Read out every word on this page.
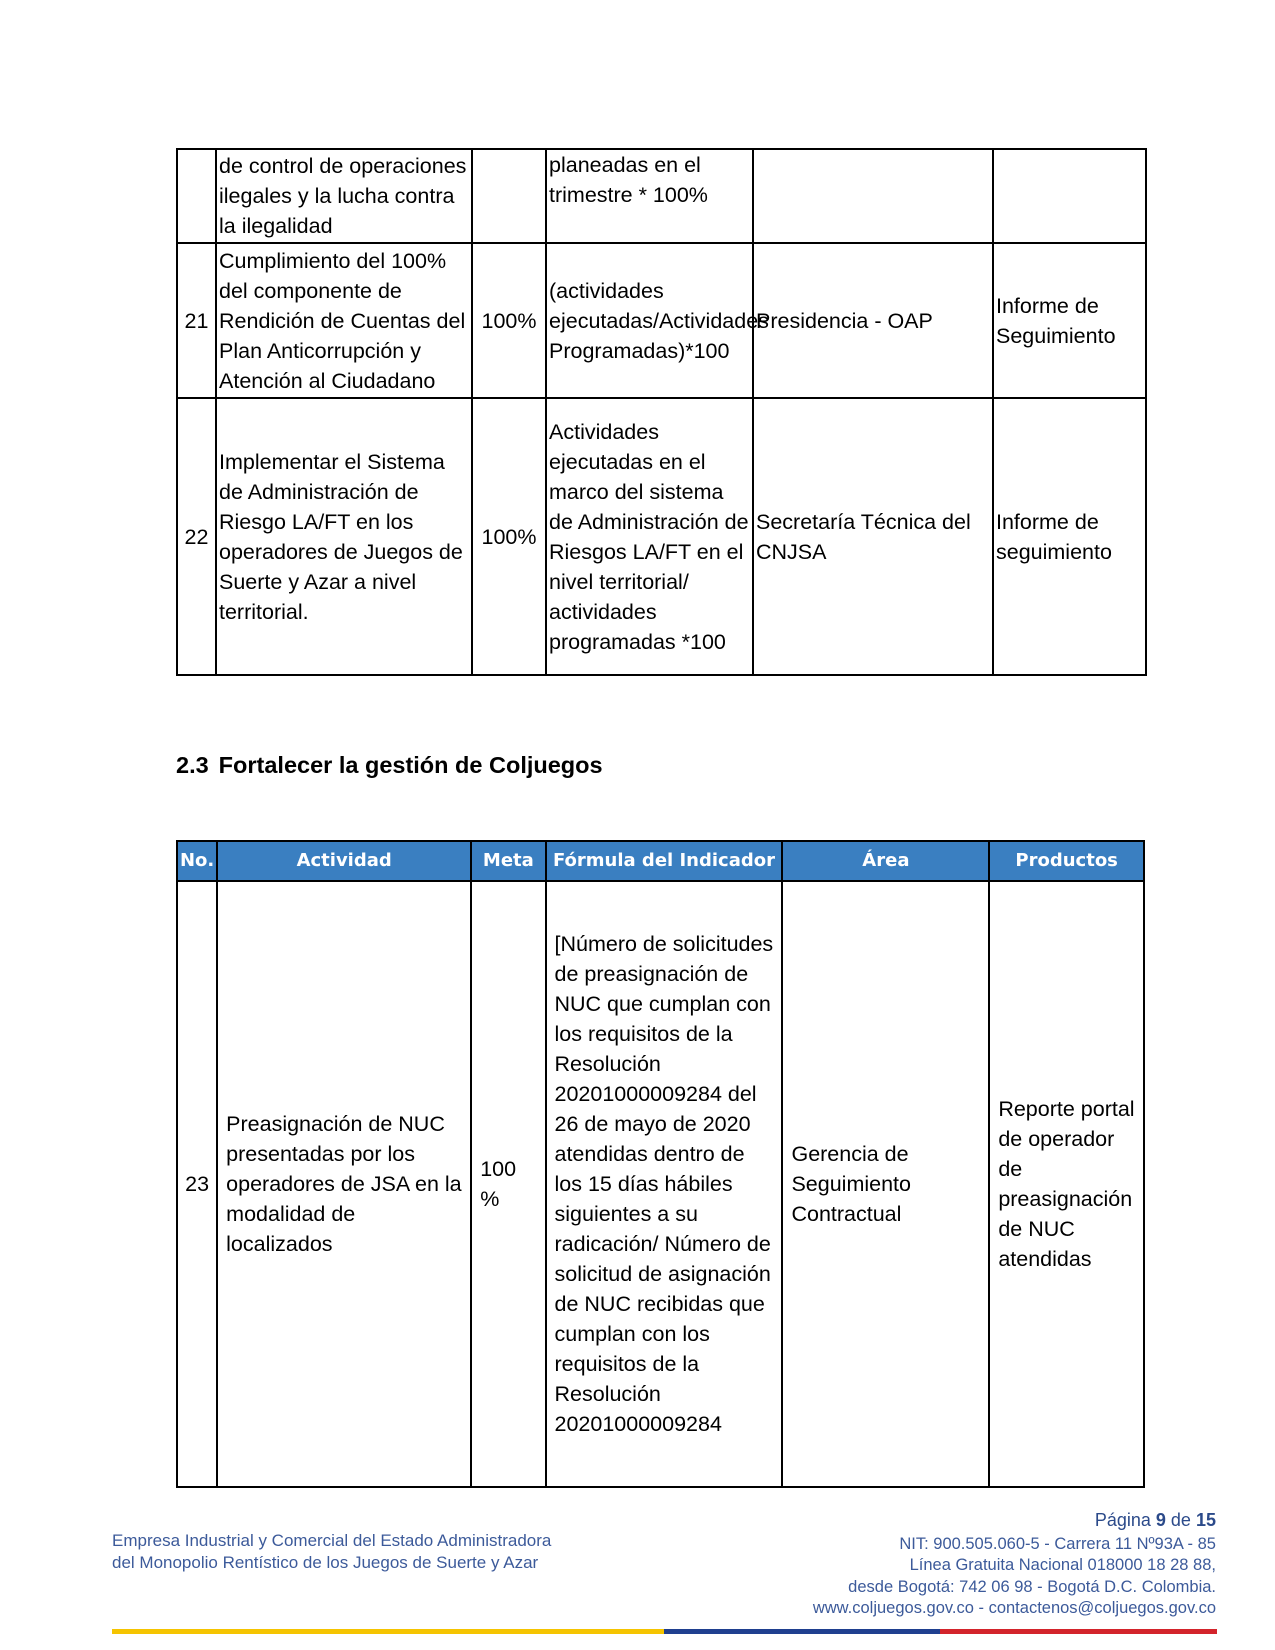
	de control de operaciones ilegales y la lucha contra la ilegalidad		planeadas en el trimestre * 100%		
21	Cumplimiento del 100% del componente de Rendición de Cuentas del Plan Anticorrupción y Atención al Ciudadano	100%	(actividades ejecutadas/Actividades Programadas)*100	Presidencia - OAP	Informe de Seguimiento
22	Implementar el Sistema de Administración de Riesgo LA/FT en los operadores de Juegos de Suerte y Azar a nivel territorial.	100%	Actividades ejecutadas en el marco del sistema de Administración de Riesgos LA/FT en el nivel territorial/ actividades programadas *100	Secretaría Técnica del CNJSA	Informe de seguimiento
2.3 Fortalecer la gestión de Coljuegos
No.	Actividad	Meta	Fórmula del Indicador	Área	Productos
23	Preasignación de NUC presentadas por los operadores de JSA en la modalidad de localizados	100 %	[Número de solicitudes de preasignación de NUC que cumplan con los requisitos de la Resolución 20201000009284 del 26 de mayo de 2020 atendidas dentro de los 15 días hábiles siguientes a su radicación/ Número de solicitud de asignación de NUC recibidas que cumplan con los requisitos de la Resolución 20201000009284	Gerencia de Seguimiento Contractual	Reporte portal de operador de preasignación de NUC atendidas
Empresa Industrial y Comercial del Estado Administradora
del Monopolio Rentístico de los Juegos de Suerte y Azar
Página 9 de 15
NIT: 900.505.060-5 - Carrera 11 Nº93A - 85
Línea Gratuita Nacional 018000 18 28 88,
desde Bogotá: 742 06 98 - Bogotá D.C. Colombia.
www.coljuegos.gov.co - contactenos@coljuegos.gov.co
